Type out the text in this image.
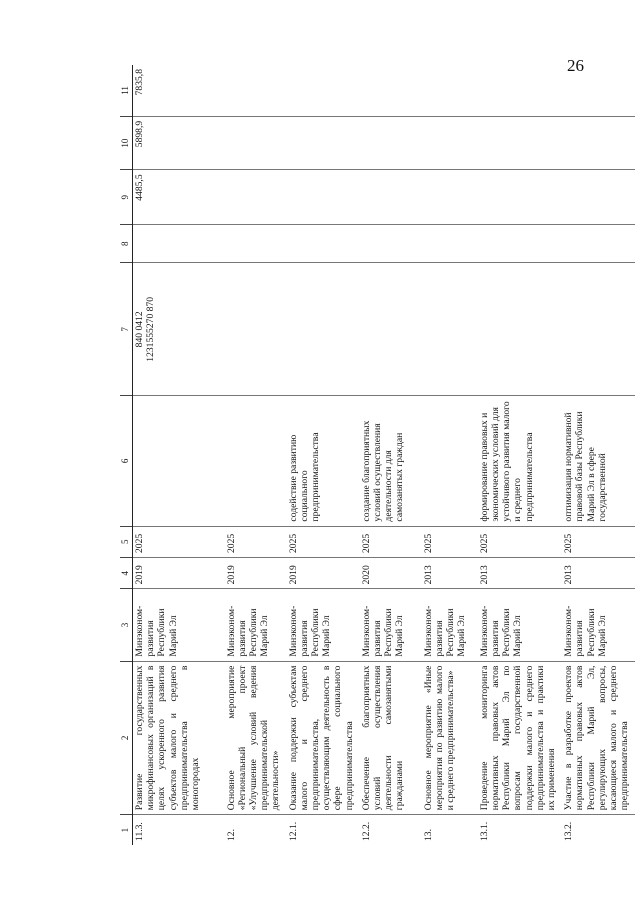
26
1	2	3	4	5	6	7	8	9	10	11
11.3.	Развитие государственных микрофинансовых организаций в целях ускоренного развития субъектов малого и среднего предпринимательства в моногородах	Минэконом-развития Республики Марий Эл	2019	2025		840 0412 1231555270 870		4485,5	5898,9	7835,8
12.	Основное мероприятие «Региональный проект «Улучшение условий ведения предпринимательской деятельности»	Минэконом-развития Республики Марий Эл	2019	2025						
12.1.	Оказание поддержки субъектам малого и среднего предпринимательства, осуществляющим деятельность в сфере социального предпринимательства	Минэконом-развития Республики Марий Эл	2019	2025	содействие развитию социального предпринимательства					
12.2.	Обеспечение благоприятных условий осуществления деятельности самозанятыми гражданами	Минэконом-развития Республики Марий Эл	2020	2025	создание благоприятных условий осуществления деятельности для самозанятых граждан					
13.	Основное мероприятие «Иные мероприятия по развитию малого и среднего предпринимательства»	Минэконом-развития Республики Марий Эл	2013	2025						
13.1.	Проведение мониторинга нормативных правовых актов Республики Марий Эл по вопросам государственной поддержки малого и среднего предпринимательства и практики их применения	Минэконом-развития Республики Марий Эл	2013	2025	формирование правовых и экономических условий для устойчивого развития малого и среднего предпринимательства					
13.2.	Участие в разработке проектов нормативных правовых актов Республики Марий Эл, регулирующих вопросы, касающиеся малого и среднего предпринимательства	Минэконом-развития Республики Марий Эл	2013	2025	оптимизация нормативной правовой базы Республики Марий Эл в сфере государственной					
